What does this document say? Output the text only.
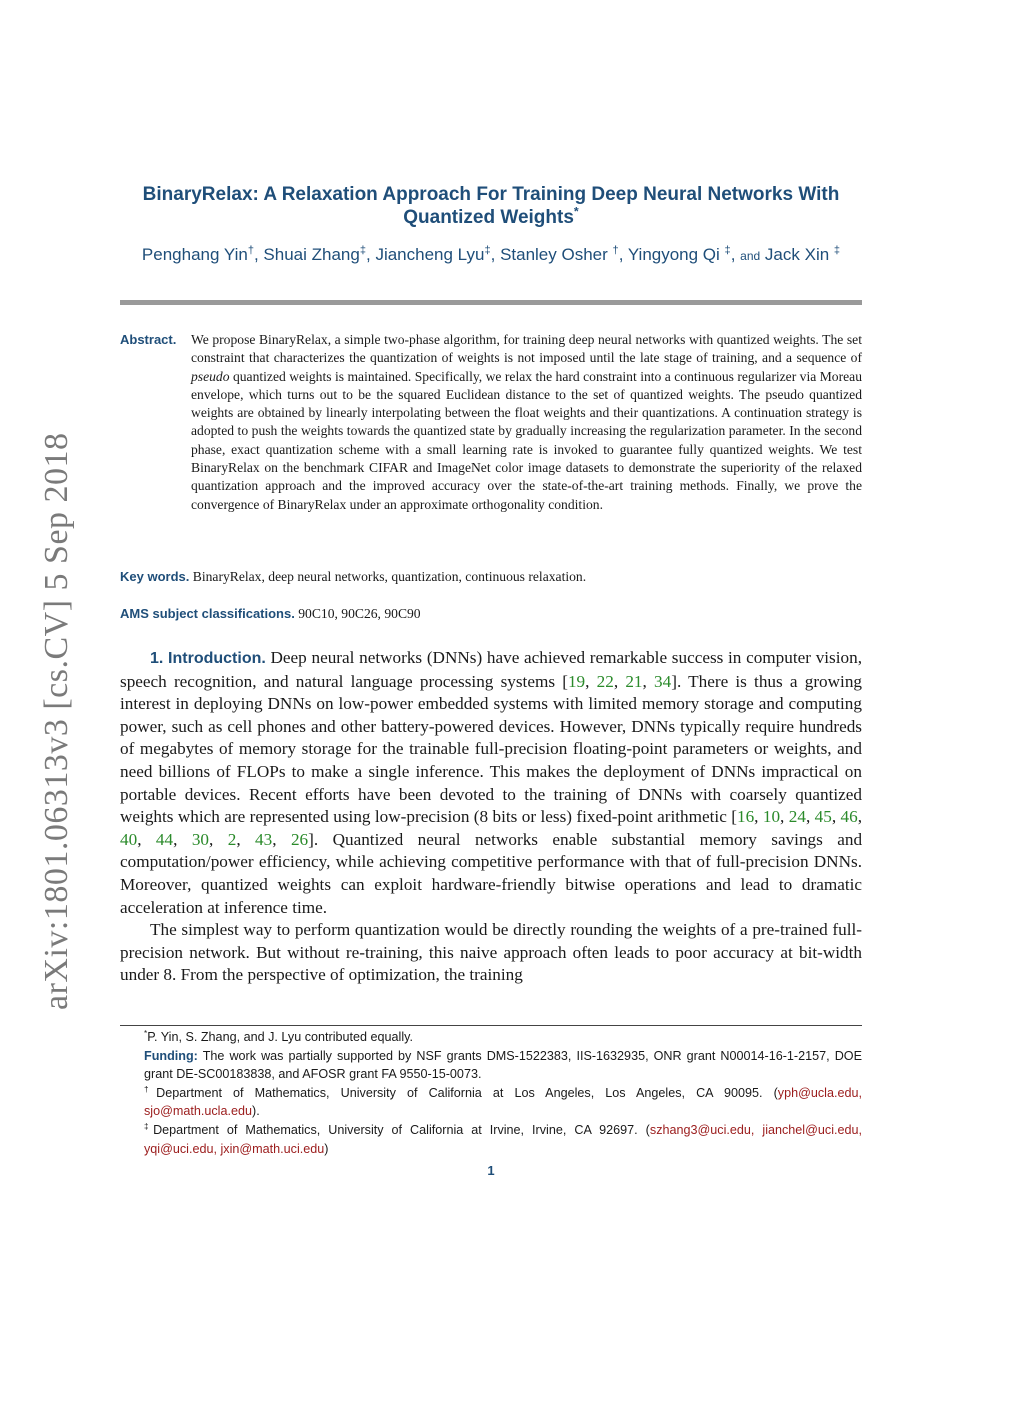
arXiv:1801.06313v3 [cs.CV] 5 Sep 2018
BinaryRelax: A Relaxation Approach For Training Deep Neural Networks With
Quantized Weights*
Penghang Yin†, Shuai Zhang‡, Jiancheng Lyu‡, Stanley Osher †, Yingyong Qi ‡, and Jack Xin ‡
Abstract. We propose BinaryRelax, a simple two-phase algorithm, for training deep neural networks with quantized weights. The set constraint that characterizes the quantization of weights is not imposed until the late stage of training, and a sequence of pseudo quantized weights is maintained. Specifically, we relax the hard constraint into a continuous regularizer via Moreau envelope, which turns out to be the squared Euclidean distance to the set of quantized weights. The pseudo quantized weights are obtained by linearly interpolating between the float weights and their quantizations. A continuation strategy is adopted to push the weights towards the quantized state by gradually increasing the regularization parameter. In the second phase, exact quantization scheme with a small learning rate is invoked to guarantee fully quantized weights. We test BinaryRelax on the benchmark CIFAR and ImageNet color image datasets to demonstrate the superiority of the relaxed quantization approach and the improved accuracy over the state-of-the-art training methods. Finally, we prove the convergence of BinaryRelax under an approximate orthogonality condition.
Key words. BinaryRelax, deep neural networks, quantization, continuous relaxation.
AMS subject classifications. 90C10, 90C26, 90C90

1. Introduction. Deep neural networks (DNNs) have achieved remarkable success in computer vision, speech recognition, and natural language processing systems [19, 22, 21, 34]. There is thus a growing interest in deploying DNNs on low-power embedded systems with limited memory storage and computing power, such as cell phones and other battery-powered devices. However, DNNs typically require hundreds of megabytes of memory storage for the trainable full-precision floating-point parameters or weights, and need billions of FLOPs to make a single inference. This makes the deployment of DNNs impractical on portable devices. Recent efforts have been devoted to the training of DNNs with coarsely quantized weights which are represented using low-precision (8 bits or less) fixed-point arithmetic [16, 10, 24, 45, 46, 40, 44, 30, 2, 43, 26]. Quantized neural networks enable substantial memory savings and computation/power efficiency, while achieving competitive performance with that of full-precision DNNs. Moreover, quantized weights can exploit hardware-friendly bitwise operations and lead to dramatic acceleration at inference time.

The simplest way to perform quantization would be directly rounding the weights of a pre-trained full-precision network. But without re-training, this naive approach often leads to poor accuracy at bit-width under 8. From the perspective of optimization, the training

*P. Yin, S. Zhang, and J. Lyu contributed equally.

Funding: The work was partially supported by NSF grants DMS-1522383, IIS-1632935, ONR grant N00014-16-1-2157, DOE grant DE-SC00183838, and AFOSR grant FA 9550-15-0073.

†Department of Mathematics, University of California at Los Angeles, Los Angeles, CA 90095. (yph@ucla.edu, sjo@math.ucla.edu).

‡Department of Mathematics, University of California at Irvine, Irvine, CA 92697. (szhang3@uci.edu, jianchel@uci.edu, yqi@uci.edu, jxin@math.uci.edu)

1
